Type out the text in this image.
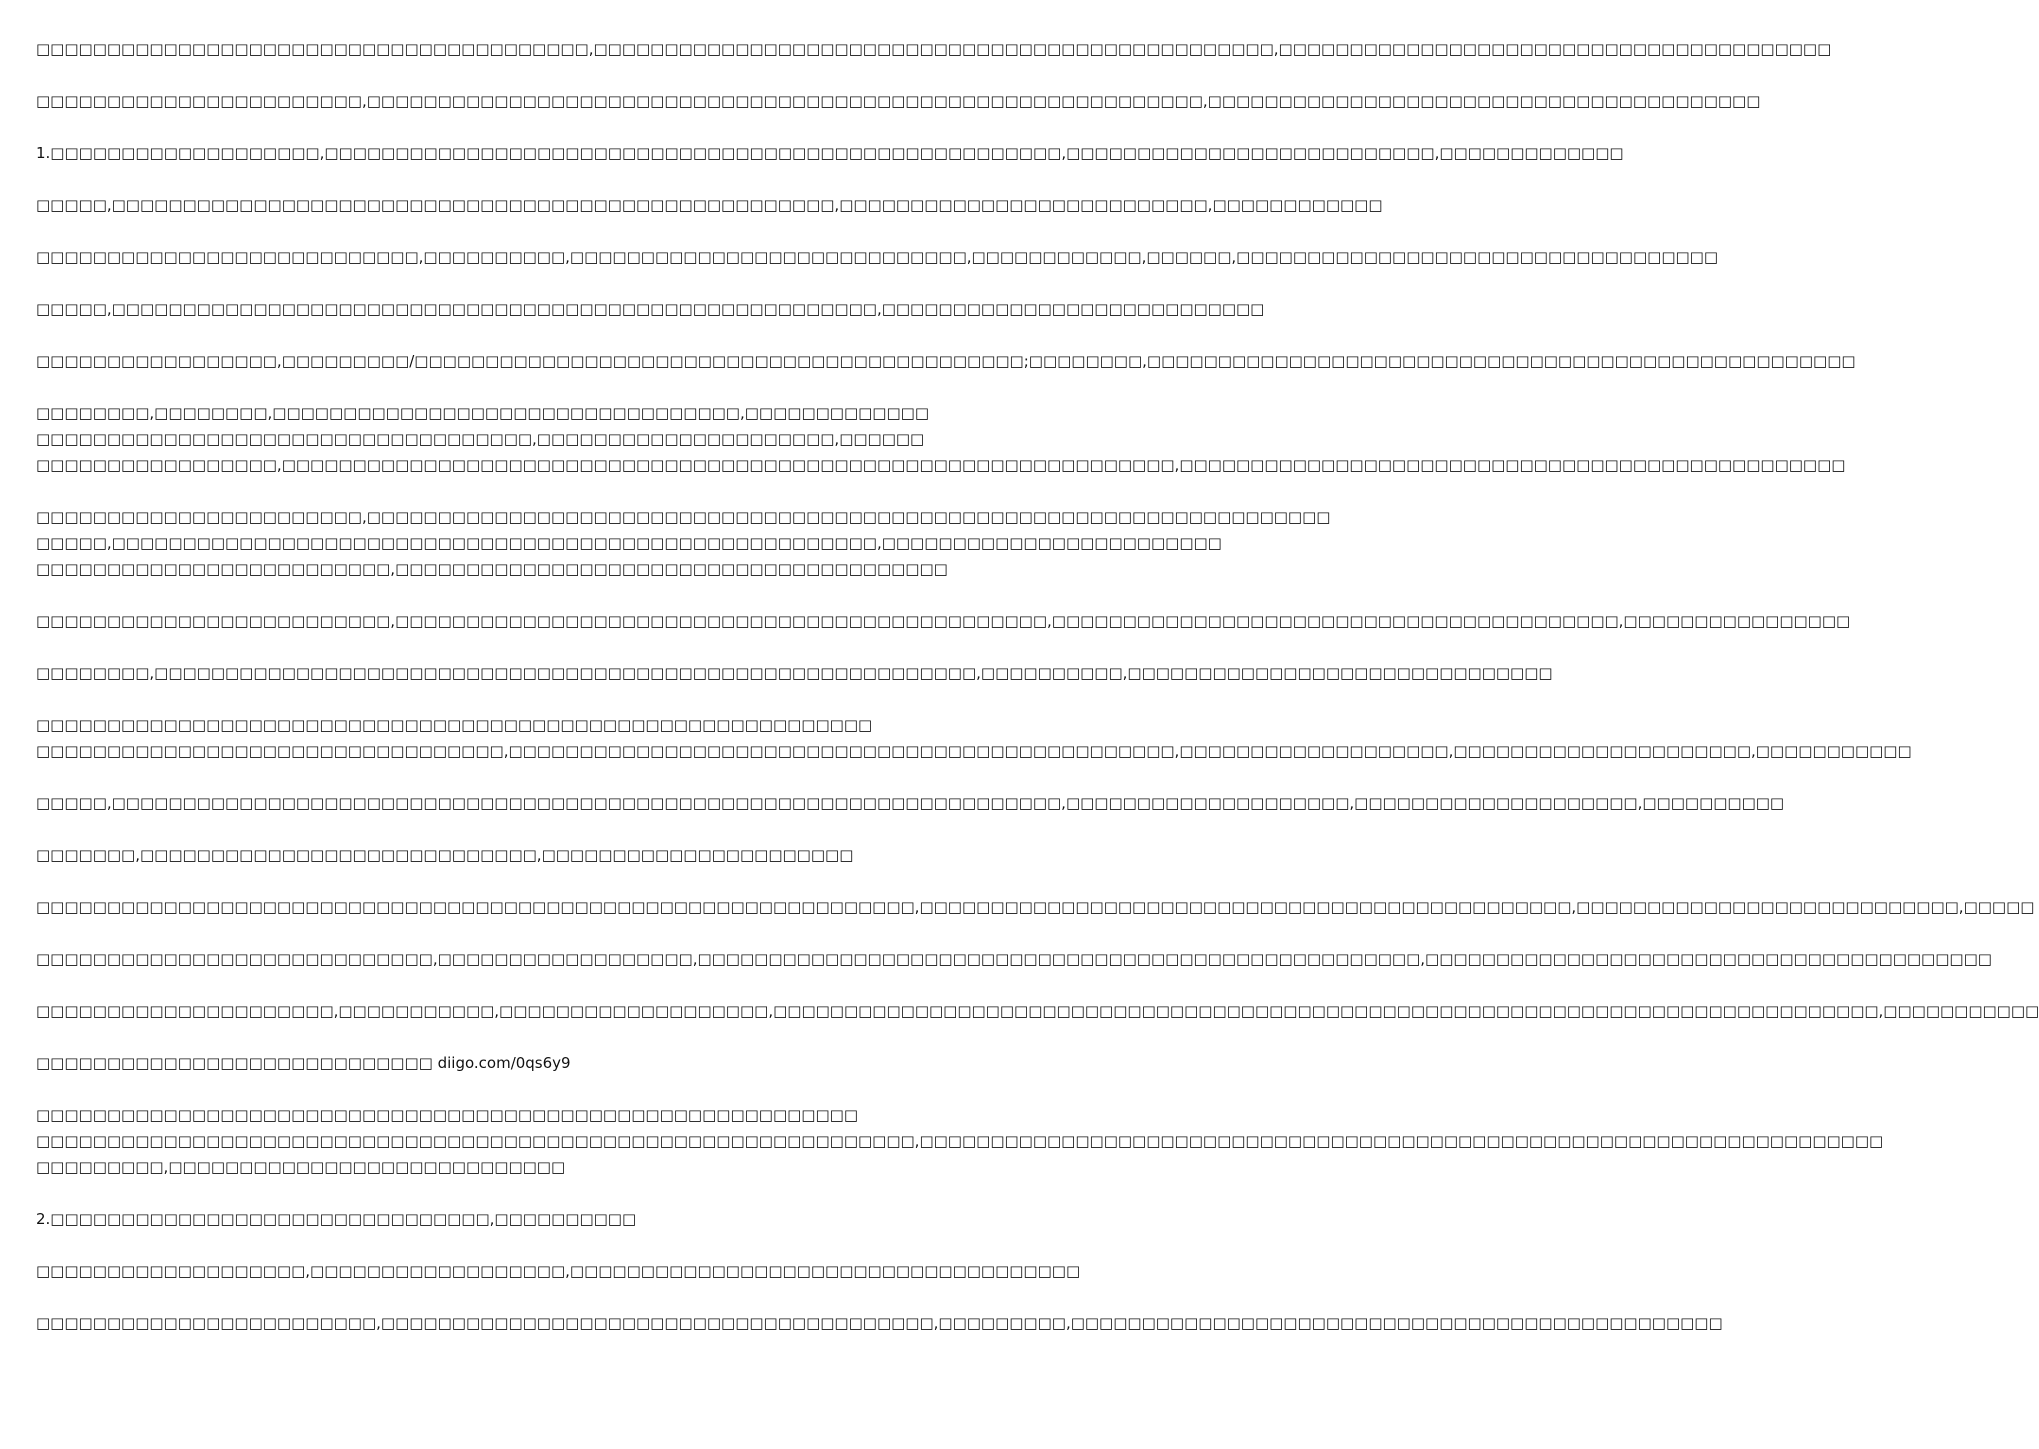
□□□□□□□□□□□□□□□□□□□□□□□□□□□□□□□□□□□□□□□,□□□□□□□□□□□□□□□□□□□□□□□□□□□□□□□□□□□□□□□□□□□□□□□□,□□□□□□□□□□□□□□□□□□□□□□□□□□□□□□□□□□□□□□□
□□□□□□□□□□□□□□□□□□□□□□□,□□□□□□□□□□□□□□□□□□□□□□□□□□□□□□□□□□□□□□□□□□□□□□□□□□□□□□□□□□□,□□□□□□□□□□□□□□□□□□□□□□□□□□□□□□□□□□□□□□□
1.□□□□□□□□□□□□□□□□□□□,□□□□□□□□□□□□□□□□□□□□□□□□□□□□□□□□□□□□□□□□□□□□□□□□□□□□,□□□□□□□□□□□□□□□□□□□□□□□□□□,□□□□□□□□□□□□□
□□□□□,□□□□□□□□□□□□□□□□□□□□□□□□□□□□□□□□□□□□□□□□□□□□□□□□□□□,□□□□□□□□□□□□□□□□□□□□□□□□□□,□□□□□□□□□□□□
□□□□□□□□□□□□□□□□□□□□□□□□□□□,□□□□□□□□□□,□□□□□□□□□□□□□□□□□□□□□□□□□□□□,□□□□□□□□□□□□,□□□□□□,□□□□□□□□□□□□□□□□□□□□□□□□□□□□□□□□□□
□□□□□,□□□□□□□□□□□□□□□□□□□□□□□□□□□□□□□□□□□□□□□□□□□□□□□□□□□□□□,□□□□□□□□□□□□□□□□□□□□□□□□□□□
□□□□□□□□□□□□□□□□□,□□□□□□□□□/□□□□□□□□□□□□□□□□□□□□□□□□□□□□□□□□□□□□□□□□□□□;□□□□□□□□,□□□□□□□□□□□□□□□□□□□□□□□□□□□□□□□□□□□□□□□□□□□□□□□□□□
□□□□□□□□,□□□□□□□□,□□□□□□□□□□□□□□□□□□□□□□□□□□□□□□□□□,□□□□□□□□□□□□□
□□□□□□□□□□□□□□□□□□□□□□□□□□□□□□□□□□□,□□□□□□□□□□□□□□□□□□□□□,□□□□□□
□□□□□□□□□□□□□□□□□,□□□□□□□□□□□□□□□□□□□□□□□□□□□□□□□□□□□□□□□□□□□□□□□□□□□□□□□□□□□□□□□,□□□□□□□□□□□□□□□□□□□□□□□□□□□□□□□□□□□□□□□□□□□□□□□
□□□□□□□□□□□□□□□□□□□□□□□,□□□□□□□□□□□□□□□□□□□□□□□□□□□□□□□□□□□□□□□□□□□□□□□□□□□□□□□□□□□□□□□□□□□□
□□□□□,□□□□□□□□□□□□□□□□□□□□□□□□□□□□□□□□□□□□□□□□□□□□□□□□□□□□□□,□□□□□□□□□□□□□□□□□□□□□□□□
□□□□□□□□□□□□□□□□□□□□□□□□□,□□□□□□□□□□□□□□□□□□□□□□□□□□□□□□□□□□□□□□□
□□□□□□□□□□□□□□□□□□□□□□□□□,□□□□□□□□□□□□□□□□□□□□□□□□□□□□□□□□□□□□□□□□□□□□□□,□□□□□□□□□□□□□□□□□□□□□□□□□□□□□□□□□□□□□□□□,□□□□□□□□□□□□□□□□
□□□□□□□□,□□□□□□□□□□□□□□□□□□□□□□□□□□□□□□□□□□□□□□□□□□□□□□□□□□□□□□□□□□,□□□□□□□□□□,□□□□□□□□□□□□□□□□□□□□□□□□□□□□□□
□□□□□□□□□□□□□□□□□□□□□□□□□□□□□□□□□□□□□□□□□□□□□□□□□□□□□□□□□□□
□□□□□□□□□□□□□□□□□□□□□□□□□□□□□□□□□,□□□□□□□□□□□□□□□□□□□□□□□□□□□□□□□□□□□□□□□□□□□□□□□,□□□□□□□□□□□□□□□□□□□,□□□□□□□□□□□□□□□□□□□□□,□□□□□□□□□□□
□□□□□,□□□□□□□□□□□□□□□□□□□□□□□□□□□□□□□□□□□□□□□□□□□□□□□□□□□□□□□□□□□□□□□□□□□,□□□□□□□□□□□□□□□□□□□□,□□□□□□□□□□□□□□□□□□□□,□□□□□□□□□□
□□□□□□□,□□□□□□□□□□□□□□□□□□□□□□□□□□□□,□□□□□□□□□□□□□□□□□□□□□□
□□□□□□□□□□□□□□□□□□□□□□□□□□□□□□□□□□□□□□□□□□□□□□□□□□□□□□□□□□□□□□,□□□□□□□□□□□□□□□□□□□□□□□□□□□□□□□□□□□□□□□□□□□□□□,□□□□□□□□□□□□□□□□□□□□□□□□□□□,□□□□□
□□□□□□□□□□□□□□□□□□□□□□□□□□□□,□□□□□□□□□□□□□□□□□□,□□□□□□□□□□□□□□□□□□□□□□□□□□□□□□□□□□□□□□□□□□□□□□□□□□□,□□□□□□□□□□□□□□□□□□□□□□□□□□□□□□□□□□□□□□□□
□□□□□□□□□□□□□□□□□□□□□,□□□□□□□□□□□,□□□□□□□□□□□□□□□□□□□,□□□□□□□□□□□□□□□□□□□□□□□□□□□□□□□□□□□□□□□□□□□□□□□□□□□□□□□□□□□□□□□□□□□□□□□□□□□□□□,□□□□□□□□□□□
□□□□□□□□□□□□□□□□□□□□□□□□□□□□ diigo.com/0qs6y9
□□□□□□□□□□□□□□□□□□□□□□□□□□□□□□□□□□□□□□□□□□□□□□□□□□□□□□□□□□
□□□□□□□□□□□□□□□□□□□□□□□□□□□□□□□□□□□□□□□□□□□□□□□□□□□□□□□□□□□□□□,□□□□□□□□□□□□□□□□□□□□□□□□□□□□□□□□□□□□□□□□□□□□□□□□□□□□□□□□□□□□□□□□□□□□
□□□□□□□□□,□□□□□□□□□□□□□□□□□□□□□□□□□□□□
2.□□□□□□□□□□□□□□□□□□□□□□□□□□□□□□□,□□□□□□□□□□
□□□□□□□□□□□□□□□□□□□,□□□□□□□□□□□□□□□□□□,□□□□□□□□□□□□□□□□□□□□□□□□□□□□□□□□□□□□
□□□□□□□□□□□□□□□□□□□□□□□□,□□□□□□□□□□□□□□□□□□□□□□□□□□□□□□□□□□□□□□□,□□□□□□□□□,□□□□□□□□□□□□□□□□□□□□□□□□□□□□□□□□□□□□□□□□□□□□□□
